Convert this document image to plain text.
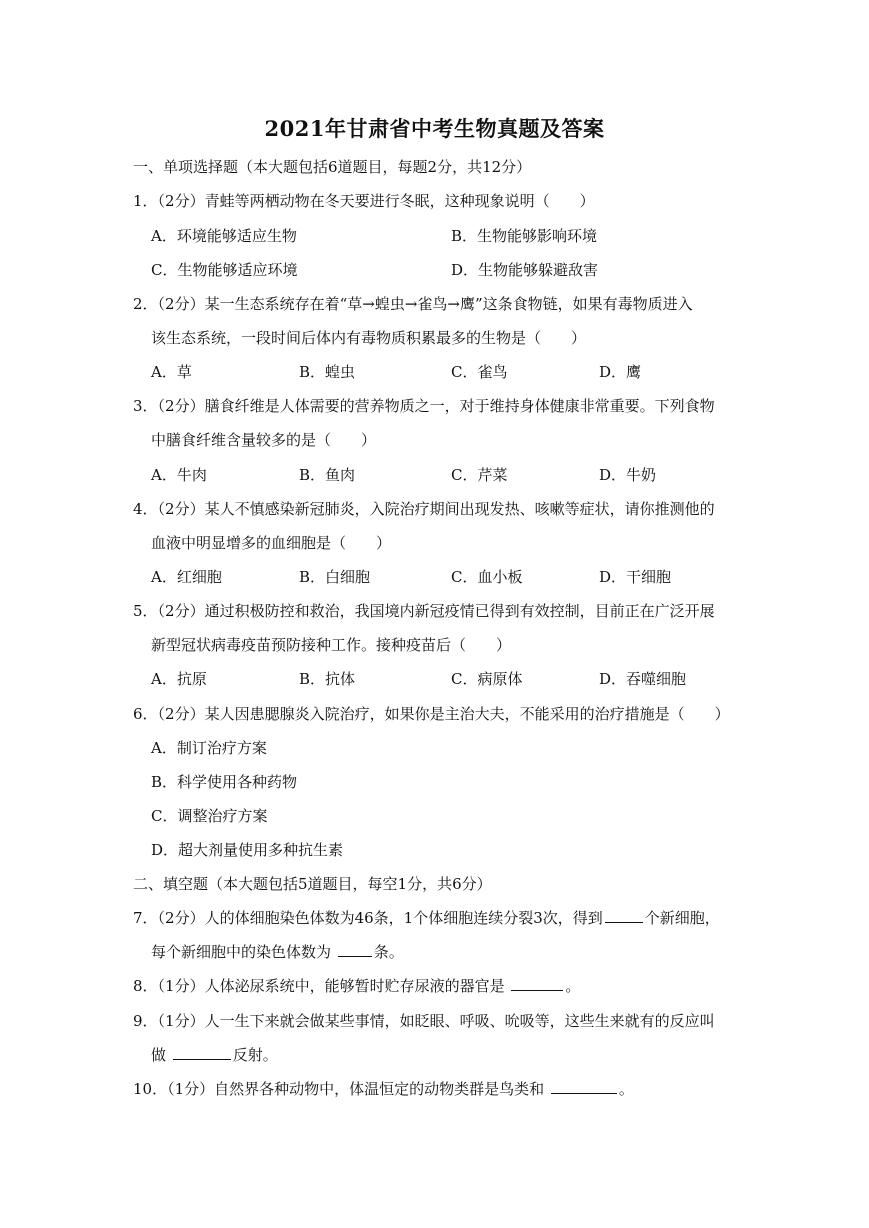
2021年甘肃省中考生物真题及答案
一、单项选择题（本大题包括6道题目，每题2分，共12分）
1．（2分）青蛙等两栖动物在冬天要进行冬眠，这种现象说明（　　）
A．环境能够适应生物	B．生物能够影响环境
C．生物能够适应环境	D．生物能够躲避敌害
2．（2分）某一生态系统存在着“草→蝗虫→雀鸟→鹰”这条食物链，如果有毒物质进入
该生态系统，一段时间后体内有毒物质积累最多的生物是（　　）
A．草	B．蝗虫	C．雀鸟	D．鹰
3．（2分）膳食纤维是人体需要的营养物质之一，对于维持身体健康非常重要。下列食物
中膳食纤维含量较多的是（　　）
A．牛肉	B．鱼肉	C．芹菜	D．牛奶
4．（2分）某人不慎感染新冠肺炎，入院治疗期间出现发热、咳嗽等症状，请你推测他的
血液中明显增多的血细胞是（　　）
A．红细胞	B．白细胞	C．血小板	D．干细胞
5．（2分）通过积极防控和救治，我国境内新冠疫情已得到有效控制，目前正在广泛开展
新型冠状病毒疫苗预防接种工作。接种疫苗后（　　）
A．抗原	B．抗体	C．病原体	D．吞噬细胞
6．（2分）某人因患腮腺炎入院治疗，如果你是主治大夫，不能采用的治疗措施是（　　）
A．制订治疗方案
B．科学使用各种药物
C．调整治疗方案
D．超大剂量使用多种抗生素
二、填空题（本大题包括5道题目，每空1分，共6分）
7．（2分）人的体细胞染色体数为46条，1个体细胞连续分裂3次，得到	个新细胞，
每个新细胞中的染色体数为	条。
8．（1分）人体泌尿系统中，能够暂时贮存尿液的器官是	。
9．（1分）人一生下来就会做某些事情，如眨眼、呼吸、吮吸等，这些生来就有的反应叫
做	反射。
10．（1分）自然界各种动物中，体温恒定的动物类群是鸟类和	。
